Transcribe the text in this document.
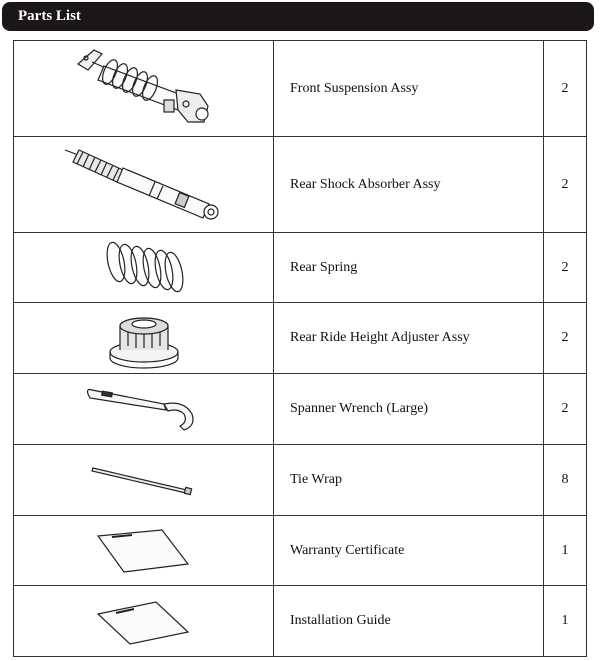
Parts List
	Front Suspension Assy	2

	Rear Shock Absorber Assy	2

	Rear Spring	2

	Rear Ride Height Adjuster Assy	2

	Spanner Wrench (Large)	2

	Tie Wrap	8

	Warranty Certificate	1

	Installation Guide	1
